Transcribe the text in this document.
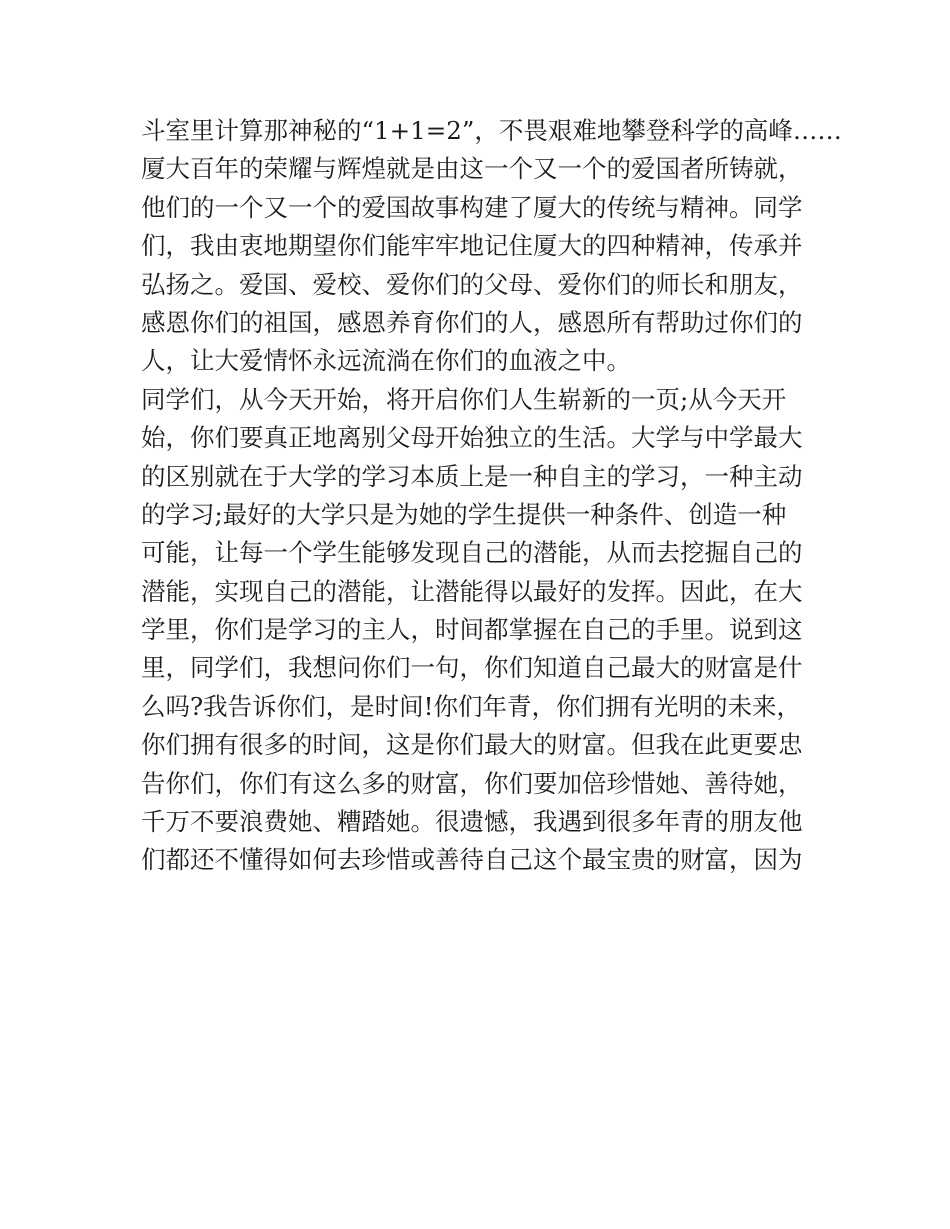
斗室里计算那神秘的“1+1=2”，不畏艰难地攀登科学的高峰……
厦大百年的荣耀与辉煌就是由这一个又一个的爱国者所铸就，
他们的一个又一个的爱国故事构建了厦大的传统与精神。同学
们，我由衷地期望你们能牢牢地记住厦大的四种精神，传承并
弘扬之。爱国、爱校、爱你们的父母、爱你们的师长和朋友，
感恩你们的祖国，感恩养育你们的人，感恩所有帮助过你们的
人，让大爱情怀永远流淌在你们的血液之中。
同学们，从今天开始，将开启你们人生崭新的一页;从今天开
始，你们要真正地离别父母开始独立的生活。大学与中学最大
的区别就在于大学的学习本质上是一种自主的学习，一种主动
的学习;最好的大学只是为她的学生提供一种条件、创造一种
可能，让每一个学生能够发现自己的潜能，从而去挖掘自己的
潜能，实现自己的潜能，让潜能得以最好的发挥。因此，在大
学里，你们是学习的主人，时间都掌握在自己的手里。说到这
里，同学们，我想问你们一句，你们知道自己最大的财富是什
么吗?我告诉你们，是时间!你们年青，你们拥有光明的未来，
你们拥有很多的时间，这是你们最大的财富。但我在此更要忠
告你们，你们有这么多的财富，你们要加倍珍惜她、善待她，
千万不要浪费她、糟踏她。很遗憾，我遇到很多年青的朋友他
们都还不懂得如何去珍惜或善待自己这个最宝贵的财富，因为
